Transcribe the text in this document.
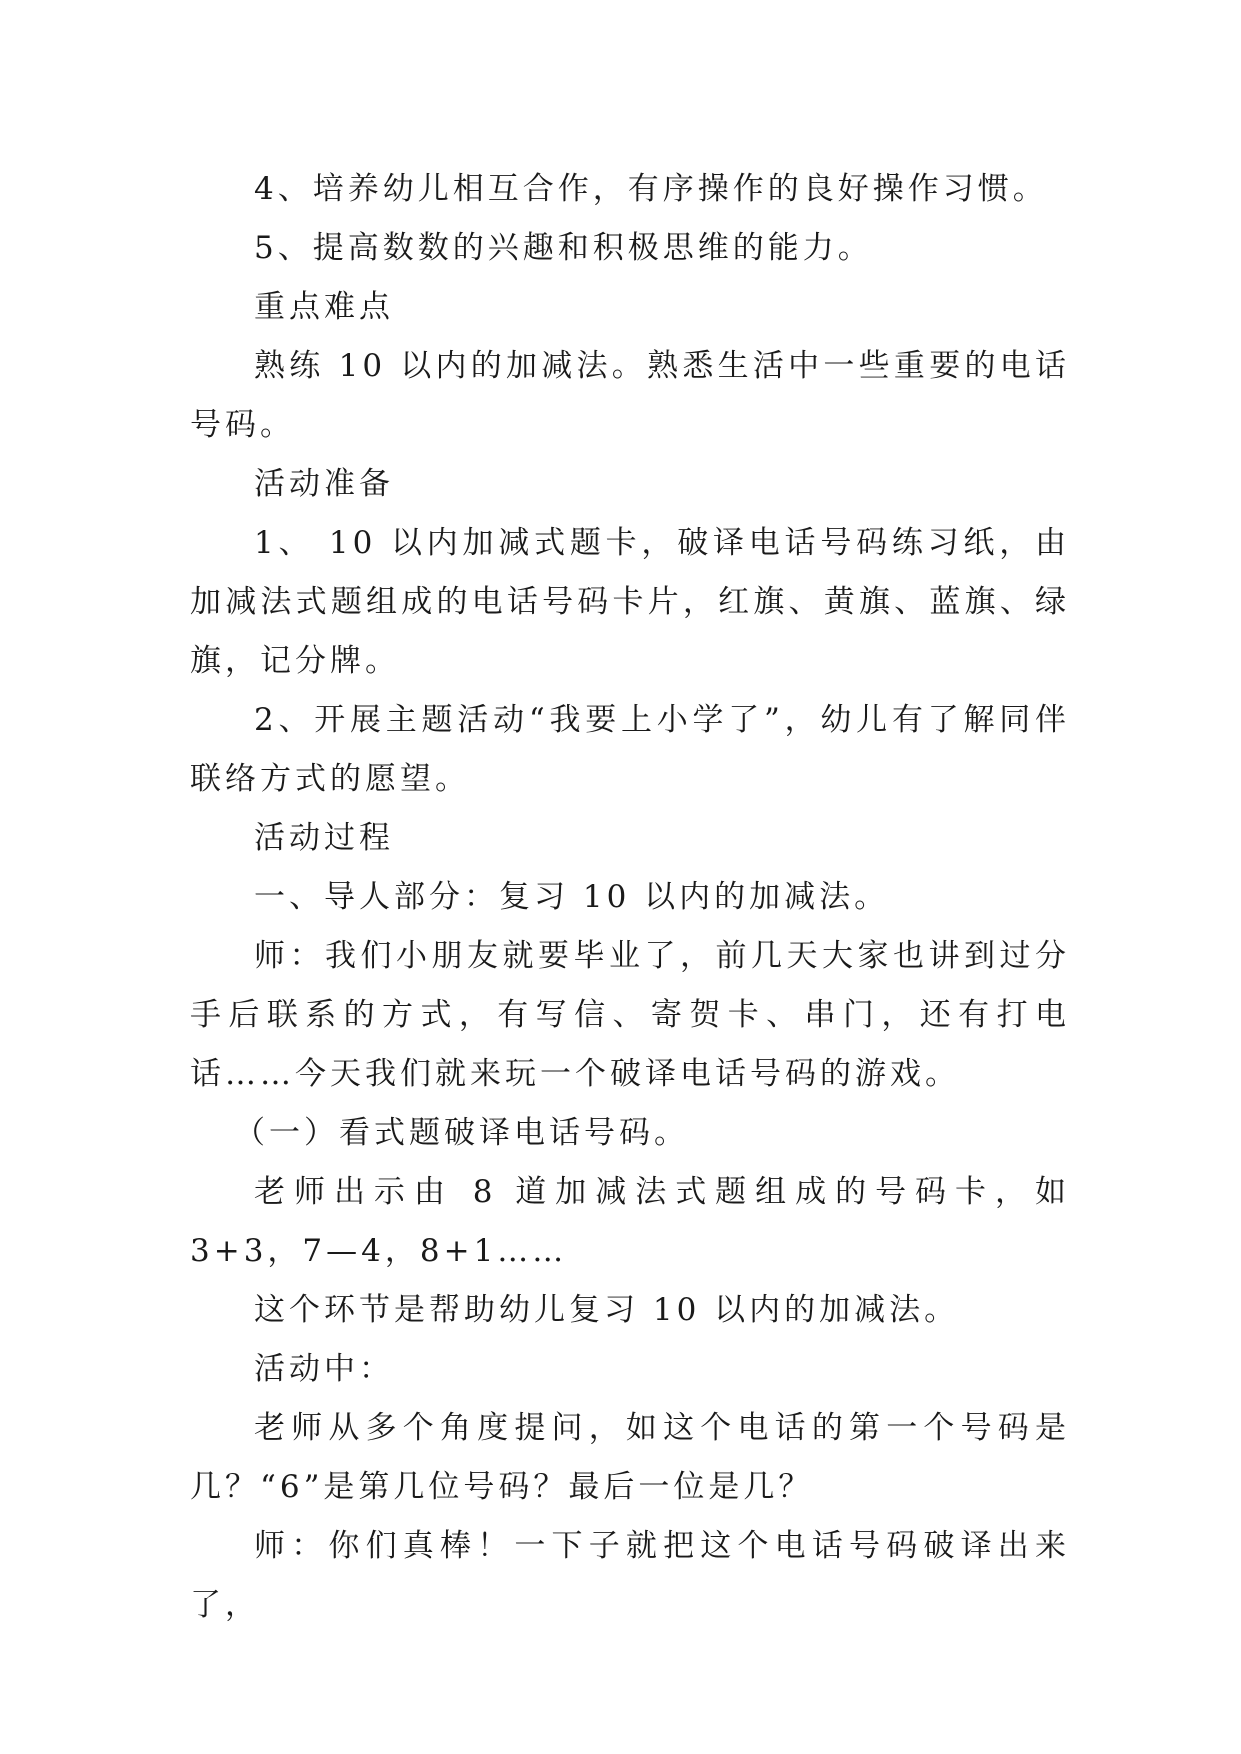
4、培养幼儿相互合作，有序操作的良好操作习惯。

5、提高数数的兴趣和积极思维的能力。

重点难点

熟练 10 以内的加减法。熟悉生活中一些重要的电话号码。

活动准备

1、 10 以内加减式题卡，破译电话号码练习纸，由加减法式题组成的电话号码卡片，红旗、黄旗、蓝旗、绿旗，记分牌。

2、开展主题活动“我要上小学了”，幼儿有了解同伴联络方式的愿望。

活动过程

一、导人部分：复习 10 以内的加减法。

师：我们小朋友就要毕业了，前几天大家也讲到过分手后联系的方式，有写信、寄贺卡、串门，还有打电话……今天我们就来玩一个破译电话号码的游戏。

（一）看式题破译电话号码。

老师出示由 8 道加减法式题组成的号码卡，如 3+3，7—4，8+1……

这个环节是帮助幼儿复习 10 以内的加减法。

活动中：

老师从多个角度提问，如这个电话的第一个号码是几？“6”是第几位号码？最后一位是几？

师：你们真棒！一下子就把这个电话号码破译出来了，
